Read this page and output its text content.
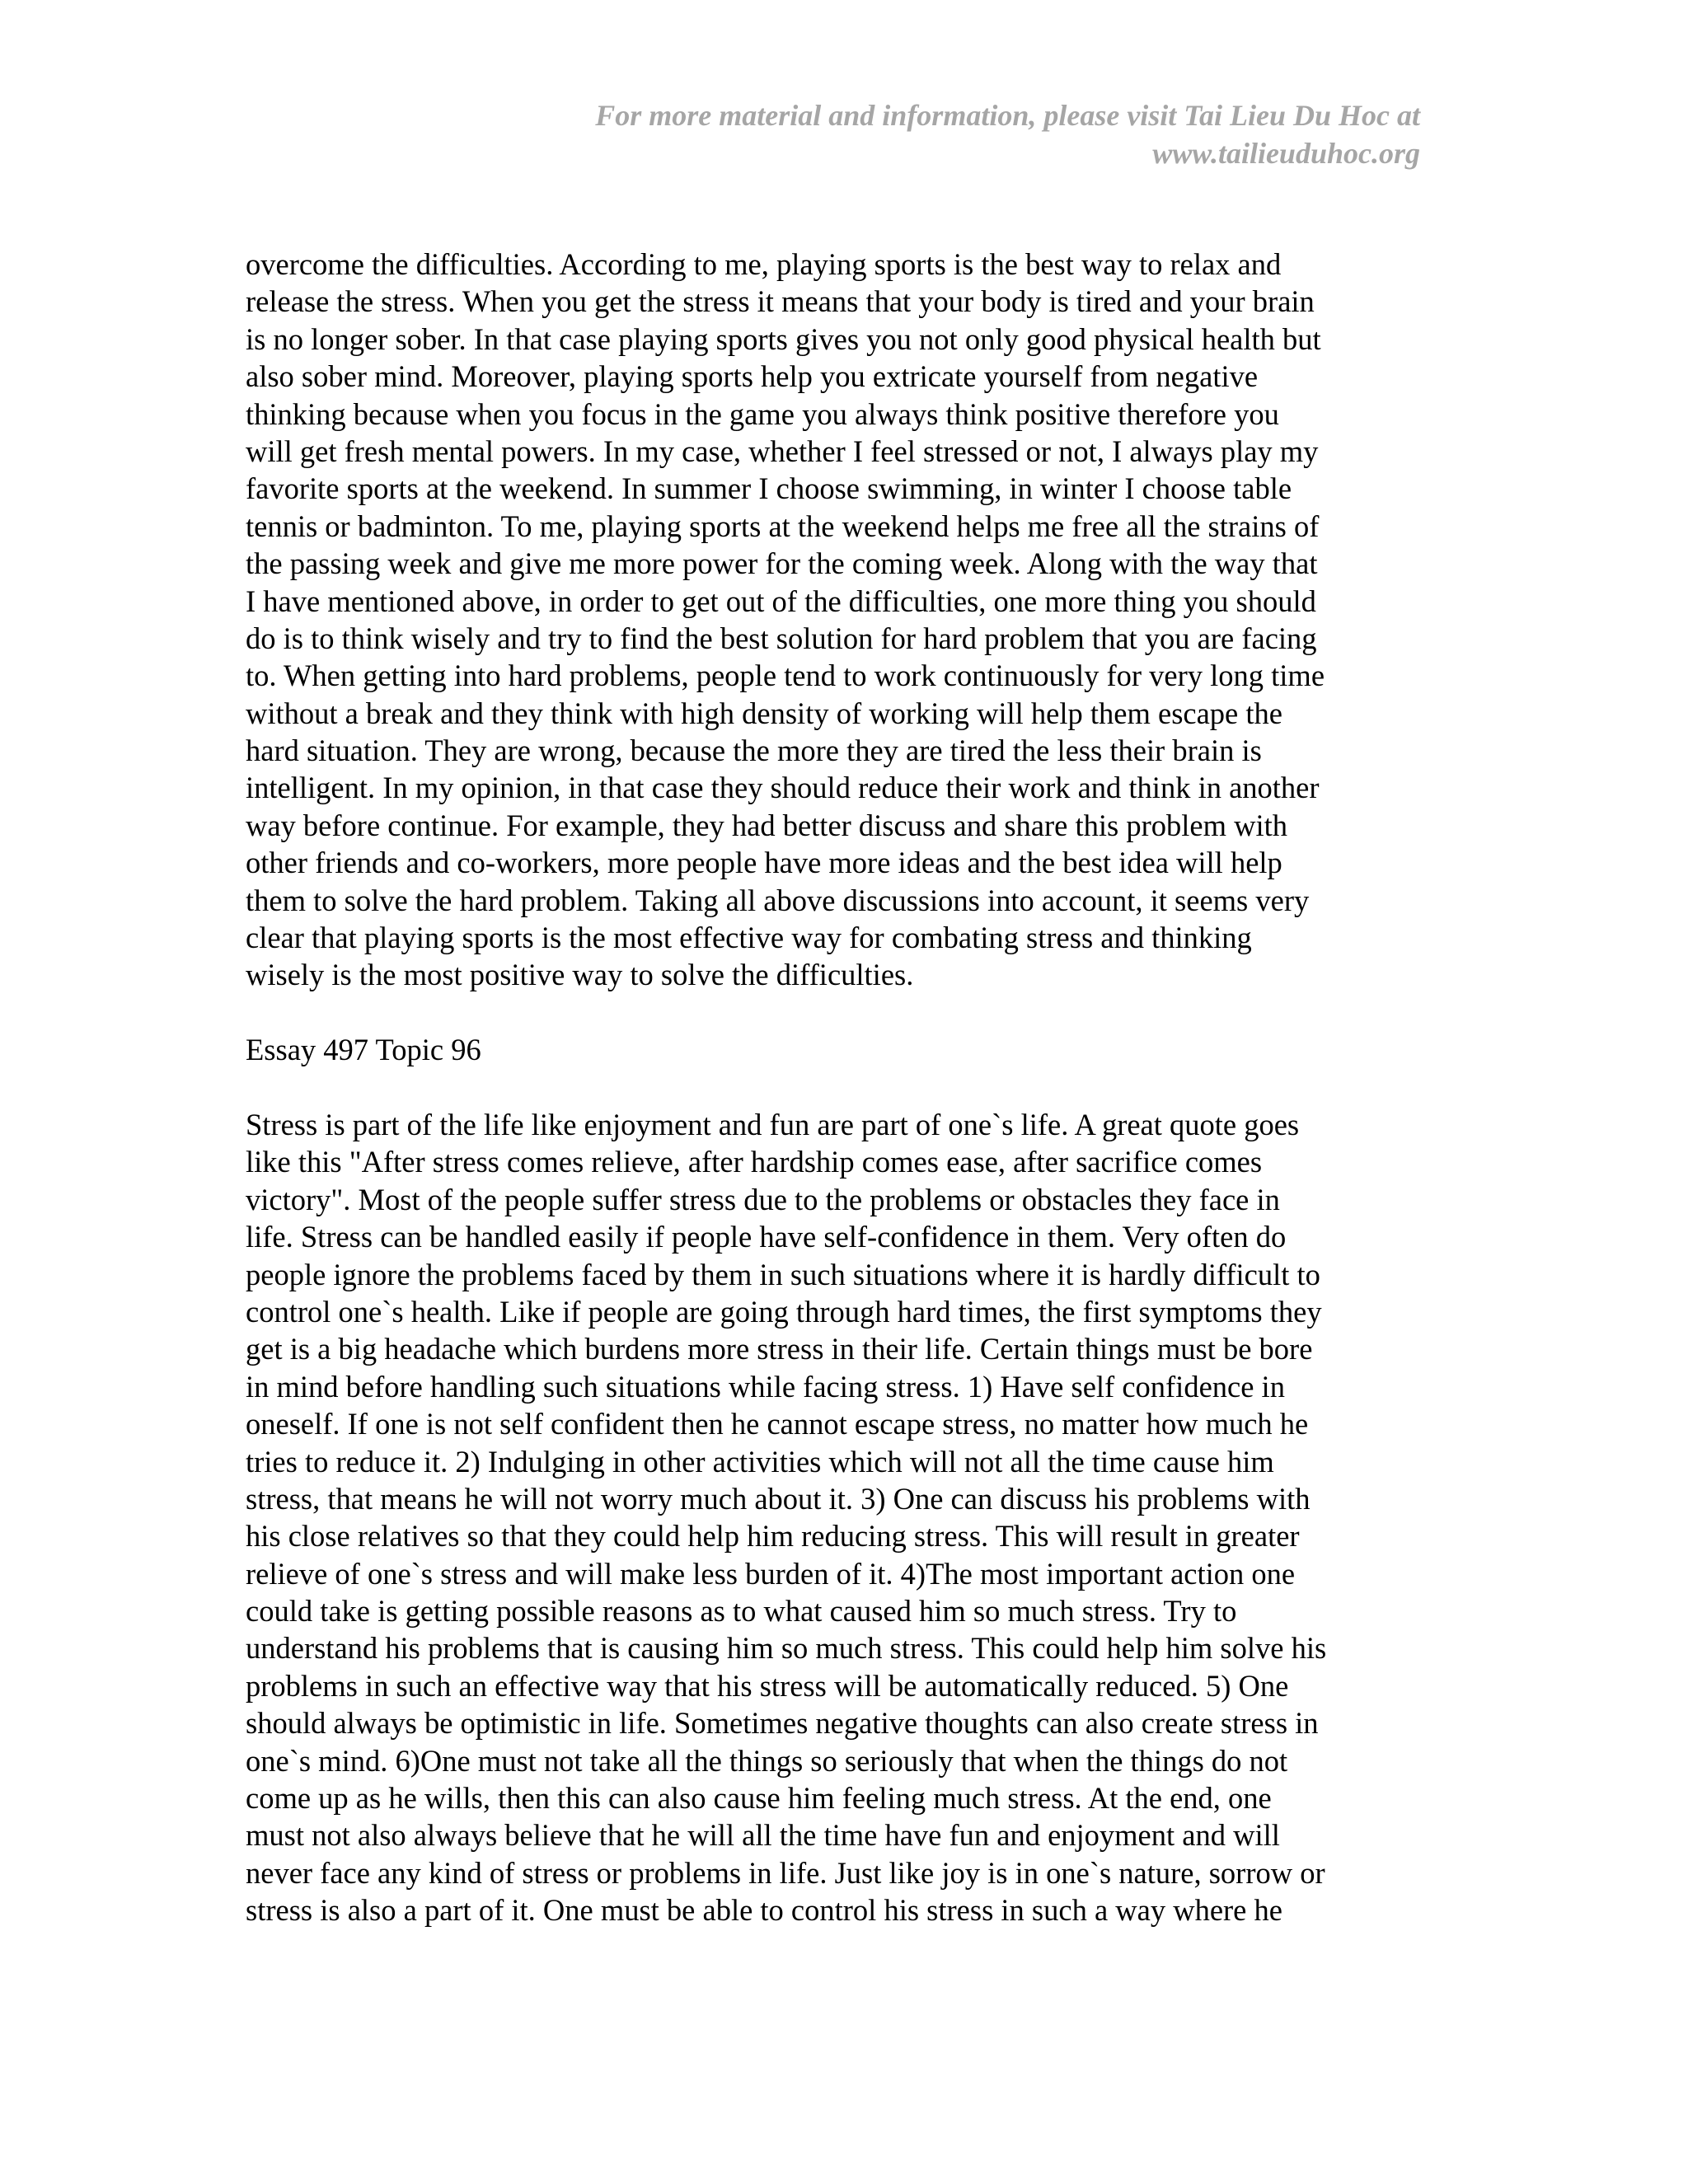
For more material and information, please visit Tai Lieu Du Hoc at
www.tailieuduhoc.org
overcome the difficulties. According to me, playing sports is the best way to relax and
release the stress. When you get the stress it means that your body is tired and your brain
is no longer sober. In that case playing sports gives you not only good physical health but
also sober mind. Moreover, playing sports help you extricate yourself from negative
thinking because when you focus in the game you always think positive therefore you
will get fresh mental powers. In my case, whether I feel stressed or not, I always play my
favorite sports at the weekend. In summer I choose swimming, in winter I choose table
tennis or badminton. To me, playing sports at the weekend helps me free all the strains of
the passing week and give me more power for the coming week. Along with the way that
I have mentioned above, in order to get out of the difficulties, one more thing you should
do is to think wisely and try to find the best solution for hard problem that you are facing
to. When getting into hard problems, people tend to work continuously for very long time
without a break and they think with high density of working will help them escape the
hard situation. They are wrong, because the more they are tired the less their brain is
intelligent. In my opinion, in that case they should reduce their work and think in another
way before continue. For example, they had better discuss and share this problem with
other friends and co-workers, more people have more ideas and the best idea will help
them to solve the hard problem. Taking all above discussions into account, it seems very
clear that playing sports is the most effective way for combating stress and thinking
wisely is the most positive way to solve the difficulties.
Essay 497 Topic 96
Stress is part of the life like enjoyment and fun are part of one`s life. A great quote goes
like this "After stress comes relieve, after hardship comes ease, after sacrifice comes
victory". Most of the people suffer stress due to the problems or obstacles they face in
life. Stress can be handled easily if people have self-confidence in them. Very often do
people ignore the problems faced by them in such situations where it is hardly difficult to
control one`s health. Like if people are going through hard times, the first symptoms they
get is a big headache which burdens more stress in their life. Certain things must be bore
in mind before handling such situations while facing stress. 1) Have self confidence in
oneself. If one is not self confident then he cannot escape stress, no matter how much he
tries to reduce it. 2) Indulging in other activities which will not all the time cause him
stress, that means he will not worry much about it. 3) One can discuss his problems with
his close relatives so that they could help him reducing stress. This will result in greater
relieve of one`s stress and will make less burden of it. 4)The most important action one
could take is getting possible reasons as to what caused him so much stress. Try to
understand his problems that is causing him so much stress. This could help him solve his
problems in such an effective way that his stress will be automatically reduced. 5) One
should always be optimistic in life. Sometimes negative thoughts can also create stress in
one`s mind. 6)One must not take all the things so seriously that when the things do not
come up as he wills, then this can also cause him feeling much stress. At the end, one
must not also always believe that he will all the time have fun and enjoyment and will
never face any kind of stress or problems in life. Just like joy is in one`s nature, sorrow or
stress is also a part of it. One must be able to control his stress in such a way where he
